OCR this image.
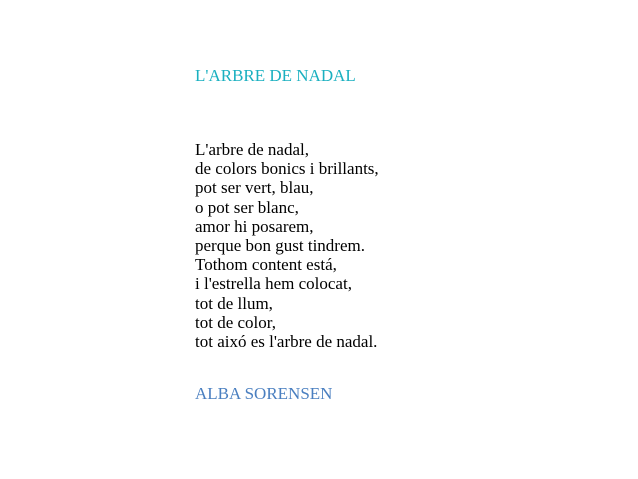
L'ARBRE DE NADAL
L'arbre de nadal,
de colors bonics i brillants,
pot ser vert, blau,
o pot ser blanc,
amor hi posarem,
perque bon gust tindrem.
Tothom content está,
i l'estrella hem colocat,
tot de llum,
tot de color,
tot aixó es l'arbre de nadal.
ALBA SORENSEN
